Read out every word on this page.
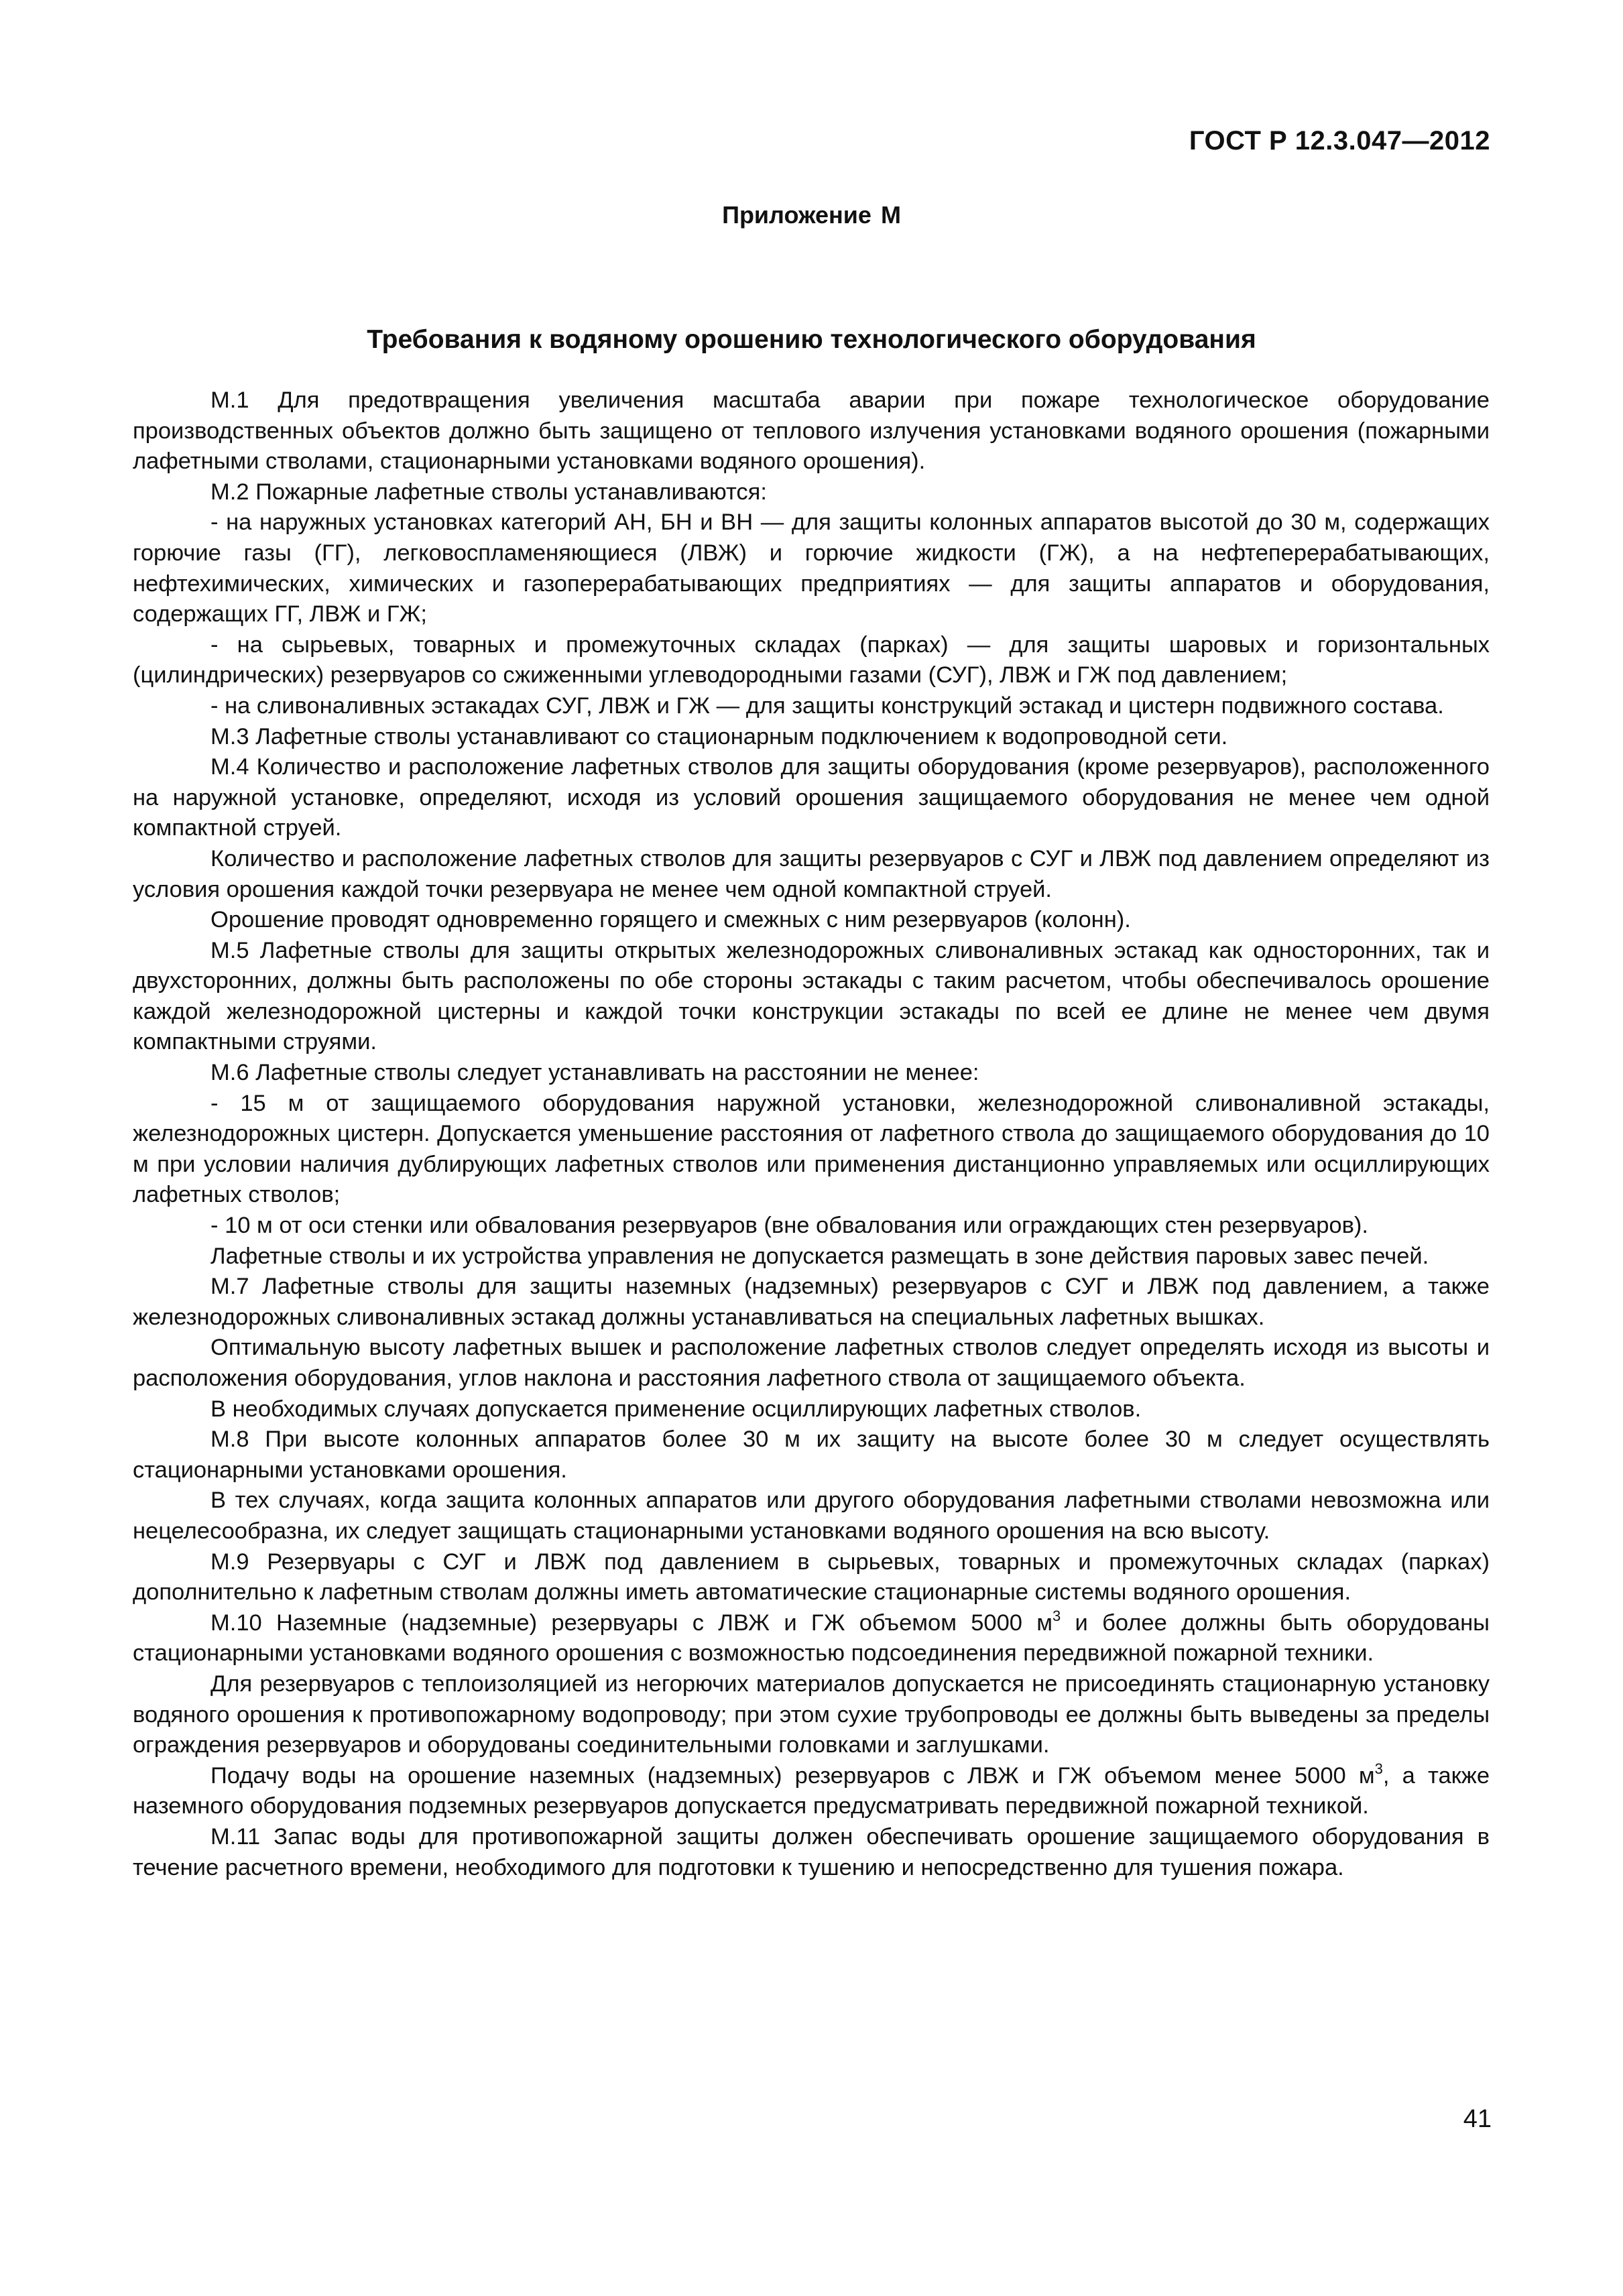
ГОСТ Р 12.3.047—2012
Приложение М
Требования к водяному орошению технологического оборудования

М.1 Для предотвращения увеличения масштаба аварии при пожаре технологическое оборудование производственных объектов должно быть защищено от теплового излучения установками водяного орошения (пожарными лафетными стволами, стационарными установками водяного орошения).

М.2 Пожарные лафетные стволы устанавливаются:

- на наружных установках категорий АН, БН и ВН — для защиты колонных аппаратов высотой до 30 м, содержащих горючие газы (ГГ), легковоспламеняющиеся (ЛВЖ) и горючие жидкости (ГЖ), а на нефтеперерабатывающих, нефтехимических, химических и газоперерабатывающих предприятиях — для защиты аппаратов и оборудования, содержащих ГГ, ЛВЖ и ГЖ;

- на сырьевых, товарных и промежуточных складах (парках) — для защиты шаровых и горизонтальных (цилиндрических) резервуаров со сжиженными углеводородными газами (СУГ), ЛВЖ и ГЖ под давлением;

- на сливоналивных эстакадах СУГ, ЛВЖ и ГЖ — для защиты конструкций эстакад и цистерн подвижного состава.

М.3 Лафетные стволы устанавливают со стационарным подключением к водопроводной сети.

М.4 Количество и расположение лафетных стволов для защиты оборудования (кроме резервуаров), расположенного на наружной установке, определяют, исходя из условий орошения защищаемого оборудования не менее чем одной компактной струей.

Количество и расположение лафетных стволов для защиты резервуаров с СУГ и ЛВЖ под давлением определяют из условия орошения каждой точки резервуара не менее чем одной компактной струей.

Орошение проводят одновременно горящего и смежных с ним резервуаров (колонн).

М.5 Лафетные стволы для защиты открытых железнодорожных сливоналивных эстакад как односторонних, так и двухсторонних, должны быть расположены по обе стороны эстакады с таким расчетом, чтобы обеспечивалось орошение каждой железнодорожной цистерны и каждой точки конструкции эстакады по всей ее длине не менее чем двумя компактными струями.

М.6 Лафетные стволы следует устанавливать на расстоянии не менее:

- 15 м от защищаемого оборудования наружной установки, железнодорожной сливоналивной эстакады, железнодорожных цистерн. Допускается уменьшение расстояния от лафетного ствола до защищаемого оборудования до 10 м при условии наличия дублирующих лафетных стволов или применения дистанционно управляемых или осциллирующих лафетных стволов;

- 10 м от оси стенки или обвалования резервуаров (вне обвалования или ограждающих стен резервуаров).

Лафетные стволы и их устройства управления не допускается размещать в зоне действия паровых завес печей.

М.7 Лафетные стволы для защиты наземных (надземных) резервуаров с СУГ и ЛВЖ под давлением, а также железнодорожных сливоналивных эстакад должны устанавливаться на специальных лафетных вышках.

Оптимальную высоту лафетных вышек и расположение лафетных стволов следует определять исходя из высоты и расположения оборудования, углов наклона и расстояния лафетного ствола от защищаемого объекта.

В необходимых случаях допускается применение осциллирующих лафетных стволов.

М.8 При высоте колонных аппаратов более 30 м их защиту на высоте более 30 м следует осуществлять стационарными установками орошения.

В тех случаях, когда защита колонных аппаратов или другого оборудования лафетными стволами невозможна или нецелесообразна, их следует защищать стационарными установками водяного орошения на всю высоту.

М.9 Резервуары с СУГ и ЛВЖ под давлением в сырьевых, товарных и промежуточных складах (парках) дополнительно к лафетным стволам должны иметь автоматические стационарные системы водяного орошения.

М.10 Наземные (надземные) резервуары с ЛВЖ и ГЖ объемом 5000 $м^3$ и более должны быть оборудованы стационарными установками водяного орошения с возможностью подсоединения передвижной пожарной техники.

Для резервуаров с теплоизоляцией из негорючих материалов допускается не присоединять стационарную установку водяного орошения к противопожарному водопроводу; при этом сухие трубопроводы ее должны быть выведены за пределы ограждения резервуаров и оборудованы соединительными головками и заглушками.

Подачу воды на орошение наземных (надземных) резервуаров с ЛВЖ и ГЖ объемом менее 5000 $м^3$, а также наземного оборудования подземных резервуаров допускается предусматривать передвижной пожарной техникой.

М.11 Запас воды для противопожарной защиты должен обеспечивать орошение защищаемого оборудования в течение расчетного времени, необходимого для подготовки к тушению и непосредственно для тушения пожара.

41
